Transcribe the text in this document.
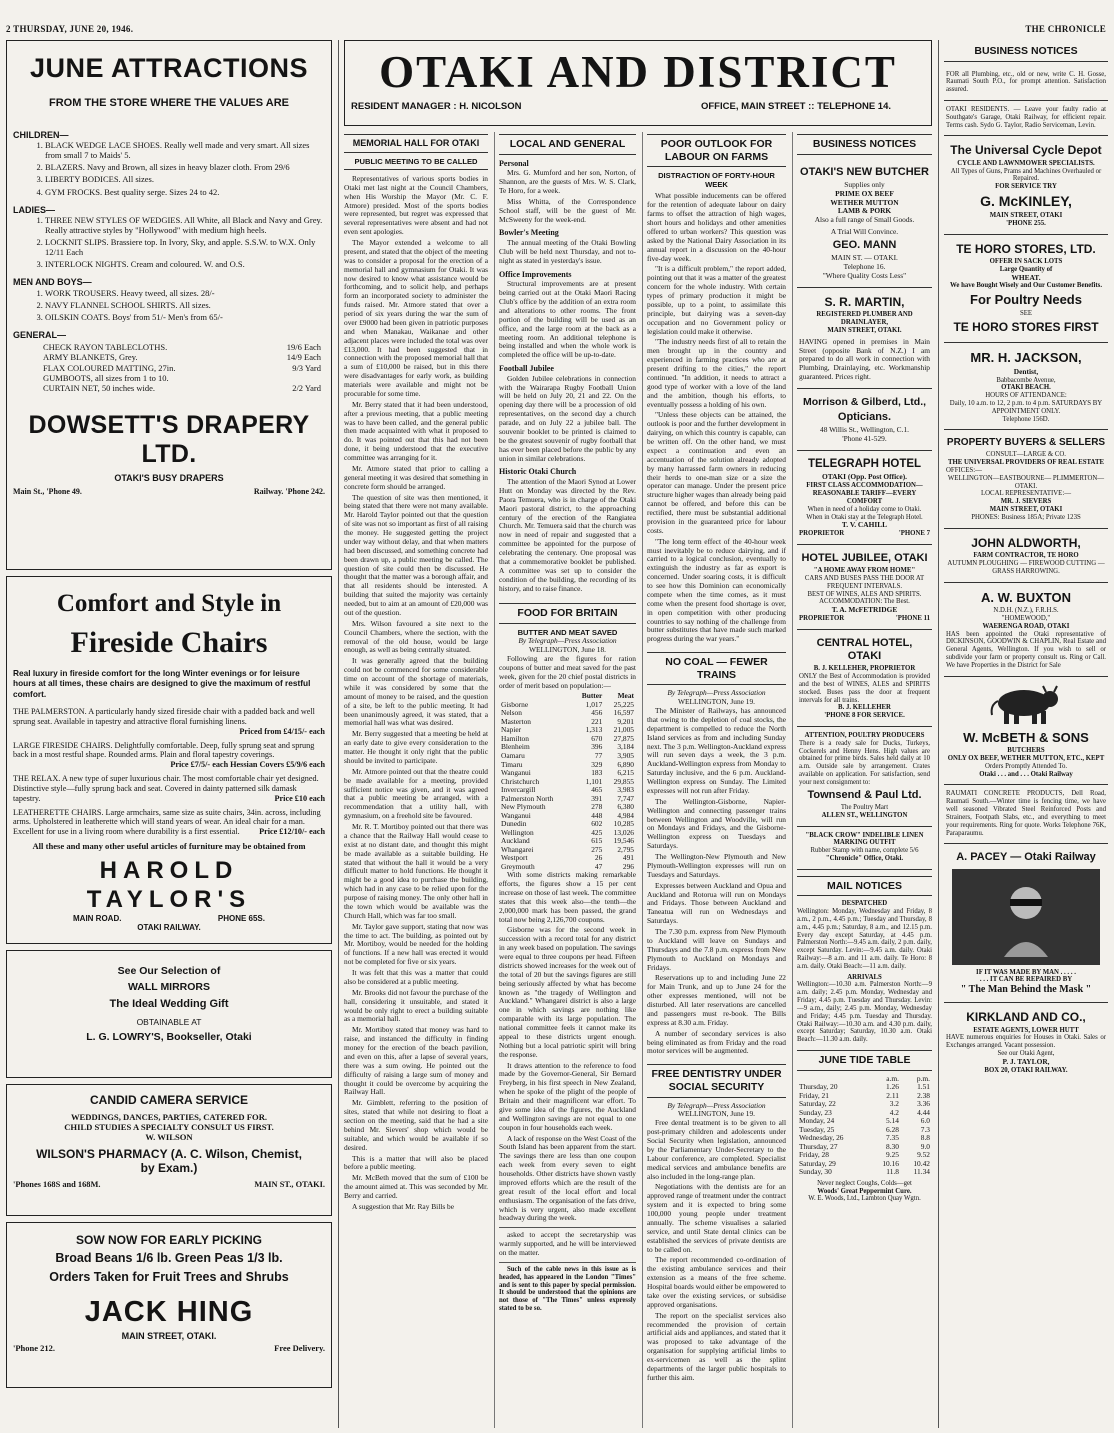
2 THURSDAY, JUNE 20, 1946.	THE CHRONICLE
JUNE ATTRACTIONS
FROM THE STORE WHERE THE VALUES ARE
CHILDREN—
1. BLACK WEDGE LACE SHOES. Really well made and very smart. All sizes from small 7 to Maids' 5.
2. BLAZERS. Navy and Brown, all sizes in heavy blazer cloth. From 29/6
3. LIBERTY BODICES. All sizes.
4. GYM FROCKS. Best quality serge. Sizes 24 to 42.
LADIES—
1. THREE NEW STYLES OF WEDGIES. All White, all Black and Navy and Grey. Really attractive styles by "Hollywood" with medium high heels.
2. LOCKNIT SLIPS. Brassiere top. In Ivory, Sky, and apple. S.S.W. to W.X. Only 12/11 Each
3. INTERLOCK NIGHTS. Cream and coloured. W. and O.S.
MEN AND BOYS—
1. WORK TROUSERS. Heavy tweed, all sizes. 28/-
2. NAVY FLANNEL SCHOOL SHIRTS. All sizes.
3. OILSKIN COATS. Boys' from 51/- Men's from 65/-
GENERAL—
CHECK RAYON TABLECLOTHS.	19/6 Each
ARMY BLANKETS, Grey.	14/9 Each
FLAX COLOURED MATTING, 27in.	9/3 Yard
GUMBOOTS, all sizes from 1 to 10.
CURTAIN NET, 50 inches wide.	2/2 Yard
DOWSETT'S DRAPERY LTD.
OTAKI'S BUSY DRAPERS
Main St., 'Phone 49.	Railway. 'Phone 242.
Comfort and Style in
Fireside Chairs
Real luxury in fireside comfort for the long Winter evenings or for leisure hours at all times, these chairs are designed to give the maximum of restful comfort.
THE PALMERSTON. A particularly handy sized fireside chair with a padded back and well sprung seat. Available in tapestry and attractive floral furnishing linens.
Priced from £4/15/- each
LARGE FIRESIDE CHAIRS. Delightfully comfortable. Deep, fully sprung seat and sprung back in a most restful shape. Rounded arms. Plain and floral tapestry coverings.
Price £7/5/- each Hessian Covers £5/9/6 each
THE RELAX. A new type of super luxurious chair. The most comfortable chair yet designed. Distinctive style—fully sprung back and seat. Covered in dainty patterned silk damask tapestry.	Price £10 each
LEATHERETTE CHAIRS. Large armchairs, same size as suite chairs, 34in. across, including arms. Upholstered in leatherette which will stand years of wear. An ideal chair for a man. Excellent for use in a living room where durability is a first essential. Price £12/10/- each
All these and many other useful articles of furniture may be obtained from
HAROLD TAYLOR'S
MAIN ROAD.	PHONE 65S.
OTAKI RAILWAY.
See Our Selection of
WALL MIRRORS
The Ideal Wedding Gift
OBTAINABLE AT
L. G. LOWRY'S, Bookseller, Otaki
CANDID CAMERA SERVICE
WEDDINGS, DANCES, PARTIES, CATERED FOR.
CHILD STUDIES A SPECIALTY CONSULT US FIRST.
W. WILSON
WILSON'S PHARMACY (A. C. Wilson, Chemist, by Exam.)
'Phones 168S and 168M.	MAIN ST., OTAKI.
SOW NOW FOR EARLY PICKING
Broad Beans 1/6 lb. Green Peas 1/3 lb.
Orders Taken for Fruit Trees and Shrubs
JACK HING
MAIN STREET, OTAKI.
'Phone 212.	Free Delivery.
OTAKI AND DISTRICT
RESIDENT MANAGER : H. NICOLSON	OFFICE, MAIN STREET :: TELEPHONE 14.
MEMORIAL HALL FOR OTAKI
PUBLIC MEETING TO BE CALLED

Representatives of various sports bodies in Otaki met last night at the Council Chambers, when His Worship the Mayor (Mr. C. F. Atmore) presided. Most of the sports bodies were represented, but regret was expressed that several representatives were absent and had not even sent apologies.

The Mayor extended a welcome to all present, and stated that the object of the meeting was to consider a proposal for the erection of a memorial hall and gymnasium for Otaki. It was now desired to know what assistance would be forthcoming, and to solicit help, and perhaps form an incorporated society to administer the funds raised. Mr. Atmore stated that over a period of six years during the war the sum of over £9000 had been given in patriotic purposes and when Manakau, Waikanae and other adjacent places were included the total was over £13,000. It had been suggested that in connection with the proposed memorial hall that a sum of £10,000 be raised, but in this there were disadvantages for early work, as building materials were available and might not be procurable for some time.

Mr. Berry stated that it had been understood, after a previous meeting, that a public meeting was to have been called, and the general public then made acquainted with what it proposed to do. It was pointed out that this had not been done, it being understood that the executive committee was arranging for it.

Mr. Atmore stated that prior to calling a general meeting it was desired that something in concrete form should be arranged.

The question of site was then mentioned, it being stated that there were not many available. Mr. Harold Taylor pointed out that the question of site was not so important as first of all raising the money. He suggested getting the project under way without delay, and that when matters had been discussed, and something concrete had been drawn up, a public meeting be called. The question of site could then be discussed. He thought that the matter was a borough affair, and that all residents should be interested. A building that suited the majority was certainly needed, but to aim at an amount of £20,000 was out of the question.

Mrs. Wilson favoured a site next to the Council Chambers, where the section, with the removal of the old house, would be large enough, as well as being centrally situated.

It was generally agreed that the building could not be commenced for some considerable time on account of the shortage of materials, while it was considered by some that the amount of money to be raised, and the question of a site, be left to the public meeting. It had been unanimously agreed, it was stated, that a memorial hall was what was desired.

Mr. Berry suggested that a meeting be held at an early date to give every consideration to the matter. He thought it only right that the public should be invited to participate.

Mr. Atmore pointed out that the theatre could be made available for a meeting, provided sufficient notice was given, and it was agreed that a public meeting be arranged, with a recommendation that a utility hall, with gymnasium, on a freehold site be favoured.

Mr. R. T. Mortiboy pointed out that there was a chance that the Railway Hall would cease to exist at no distant date, and thought this might be made available as a suitable building. He stated that without the hall it would be a very difficult matter to hold functions. He thought it might be a good idea to purchase the building, which had in any case to be relied upon for the purpose of raising money. The only other hall in the town which would be available was the Church Hall, which was far too small.

Mr. Taylor gave support, stating that now was the time to act. The building, as pointed out by Mr. Mortiboy, would be needed for the holding of functions. If a new hall was erected it would not be completed for five or six years.

It was felt that this was a matter that could also be considered at a public meeting.

Mr. Brooks did not favour the purchase of the hall, considering it unsuitable, and stated it would be only right to erect a building suitable as a memorial hall.

Mr. Mortiboy stated that money was hard to raise, and instanced the difficulty in finding money for the erection of the beach pavilion, and even on this, after a lapse of several years, there was a sum owing. He pointed out the difficulty of raising a large sum of money and thought it could be overcome by acquiring the Railway Hall.

Mr. Gimblett, referring to the position of sites, stated that while not desiring to float a section on the meeting, said that he had a site behind Mr. Sievers' shop which would be suitable, and which would be available if so desired.

This is a matter that will also be placed before a public meeting.

Mr. McBeth moved that the sum of £100 be the amount aimed at. This was seconded by Mr. Berry and carried.

A suggestion that Mr. Ray Bills be

LOCAL AND GENERAL
Personal

Mrs. G. Mumford and her son, Norton, of Shannon, are the guests of Mrs. W. S. Clark, Te Horo, for a week.

Miss Whitta, of the Correspondence School staff, will be the guest of Mr. McSweeny for the week-end.

Bowler's Meeting

The annual meeting of the Otaki Bowling Club will be held next Thursday, and not to-night as stated in yesterday's issue.

Office Improvements

Structural improvements are at present being carried out at the Otaki Maori Racing Club's office by the addition of an extra room and alterations to other rooms. The front portion of the building will be used as an office, and the large room at the back as a meeting room. An additional telephone is being installed and when the whole work is completed the office will be up-to-date.

Football Jubilee

Golden Jubilee celebrations in connection with the Wairarapa Rugby Football Union will be held on July 20, 21 and 22. On the opening day there will be a procession of old representatives, on the second day a church parade, and on July 22 a jubilee ball. The souvenir booklet to be printed is claimed to be the greatest souvenir of rugby football that has ever been placed before the public by any union in similar celebrations.

Historic Otaki Church

The attention of the Maori Synod at Lower Hutt on Monday was directed by the Rev. Paora Temuera, who is in charge of the Otaki Maori pastoral district, to the approaching century of the erection of the Rangiatea Church. Mr. Temuera said that the church was now in need of repair and suggested that a committee be appointed for the purpose of celebrating the centenary. One proposal was that a commemorative booklet be published. A committee was set up to consider the condition of the building, the recording of its history, and to raise finance.

FOOD FOR BRITAIN
BUTTER AND MEAT SAVED
By Telegraph—Press Association
WELLINGTON, June 18.

Following are the figures for ration coupons of butter and meat saved for the past week, given for the 20 chief postal districts in order of merit based on population:—

	Butter	Meat
Gisborne	1,017	25,225
Nelson	456	16,597
Masterton	221	9,201
Napier	1,313	21,005
Hamilton	670	27,875
Blenheim	396	3,184
Oamaru	77	3,905
Timaru	329	6,890
Wanganui	183	6,215
Christchurch	1,101	29,855
Invercargill	465	3,983
Palmerston North	391	7,747
New Plymouth	278	6,380
Wanganui	448	4,984
Dunedin	602	10,285
Wellington	425	13,026
Auckland	615	19,546
Whangarei	275	2,795
Westport	26	491
Greymouth	47	296

With some districts making remarkable efforts, the figures show a 15 per cent increase on those of last week. The committee states that this week also—the tenth—the 2,000,000 mark has been passed, the grand total now being 2,126,700 coupons.

Gisborne was for the second week in succession with a record total for any district in any week based on population. The savings were equal to three coupons per head. Fifteen districts showed increases for the week out of the total of 20 but the savings figures are still being seriously affected by what has become known as "the tragedy of Wellington and Auckland." Whangarei district is also a large one in which savings are nothing like comparable with its large population. The national committee feels it cannot make its appeal to these districts urgent enough. Nothing but a local patriotic spirit will bring the response.

It draws attention to the reference to food made by the Governor-General, Sir Bernard Freyberg, in his first speech in New Zealand, when he spoke of the plight of the people of Britain and their magnificent war effort. To give some idea of the figures, the Auckland and Wellington savings are not equal to one coupon in four households each week.

A lack of response on the West Coast of the South Island has been apparent from the start. The savings there are less than one coupon each week from every seven to eight households. Other districts have shown vastly improved efforts which are the result of the great result of the local effort and local enthusiasm. The organisation of the fats drive, which is very urgent, also made excellent headway during the week.

asked to accept the secretaryship was warmly supported, and he will be interviewed on the matter.

Such of the cable news in this issue as is headed, has appeared in the London "Times" and is sent to this paper by special permission. It should be understood that the opinions are not those of "The Times" unless expressly stated to be so.

POOR OUTLOOK FOR LABOUR ON FARMS
DISTRACTION OF FORTY-HOUR WEEK

What possible inducements can be offered for the retention of adequate labour on dairy farms to offset the attraction of high wages, short hours and holidays and other amenities offered to urban workers? This question was asked by the National Dairy Association in its annual report in a discussion on the 40-hour five-day week.

"It is a difficult problem," the report added, pointing out that it was a matter of the greatest concern for the whole industry. With certain types of primary production it might be possible, up to a point, to assimilate this principle, but dairying was a seven-day occupation and no Government policy or legislation could make it otherwise.

"The industry needs first of all to retain the men brought up in the country and experienced in farming practices who are at present drifting to the cities," the report continued. "In addition, it needs to attract a good type of worker with a love of the land and the ambition, though his efforts, to eventually possess a holding of his own.

"Unless these objects can be attained, the outlook is poor and the further development in dairying, on which this country is capable, can be written off. On the other hand, we must expect a continuation and even an accentuation of the solution already adopted by many harrassed farm owners in reducing their herds to one-man size or a size the operator can manage. Under the present price structure higher wages than already being paid cannot be offered, and before this can be rectified, there must be substantial additional provision in the guaranteed price for labour costs.

"The long term effect of the 40-hour week must inevitably be to reduce dairying, and if carried to a logical conclusion, eventually to extinguish the industry as far as export is concerned. Under soaring costs, it is difficult to see how this Dominion can economically compete when the time comes, as it must come when the present food shortage is over, in open competition with other producing countries to say nothing of the challenge from butter substitutes that have made such marked progress during the war years."

NO COAL — FEWER TRAINS
By Telegraph—Press Association
WELLINGTON, June 19.

The Minister of Railways, has announced that owing to the depletion of coal stocks, the department is compelled to reduce the North Island services as from and including Sunday next. The 3 p.m. Wellington-Auckland express will run seven days a week, the 3 p.m. Auckland-Wellington express from Monday to Saturday inclusive, and the 6 p.m. Auckland-Wellington express on Sunday. The Limited expresses will not run after Friday.

The Wellington-Gisborne, Napier-Wellington and connecting passenger trains between Wellington and Woodville, will run on Mondays and Fridays, and the Gisborne-Wellington express on Tuesdays and Saturdays.

The Wellington-New Plymouth and New Plymouth-Wellington expresses will run on Tuesdays and Saturdays.

Expresses between Auckland and Opua and Auckland and Rotorua will run on Mondays and Fridays. Those between Auckland and Taneatua will run on Wednesdays and Saturdays.

The 7.30 p.m. express from New Plymouth to Auckland will leave on Sundays and Thursdays and the 7.8 p.m. express from New Plymouth to Auckland on Mondays and Fridays.

Reservations up to and including June 22 for Main Trunk, and up to June 24 for the other expresses mentioned, will not be disturbed. All later reservations are cancelled and passengers must re-book. The Bills express at 8.30 a.m. Friday.

A number of secondary services is also being eliminated as from Friday and the road motor services will be augmented.

FREE DENTISTRY UNDER SOCIAL SECURITY
By Telegraph—Press Association
WELLINGTON, June 19.

Free dental treatment is to be given to all post-primary children and adolescents under Social Security when legislation, announced by the Parliamentary Under-Secretary to the Labour conference, are completed. Specialist medical services and ambulance benefits are also included in the long-range plan.

Negotiations with the dentists are for an approved range of treatment under the contract system and it is expected to bring some 100,000 young people under treatment annually. The scheme visualises a salaried service, and until State dental clinics can be established the services of private dentists are to be called on.

The report recommended co-ordination of the existing ambulance services and their extension as a means of the free scheme. Hospital boards would either be empowered to take over the existing services, or subsidise approved organisations.

The report on the specialist services also recommended the provision of certain artificial aids and appliances, and stated that it was proposed to take advantage of the organisation for supplying artificial limbs to ex-servicemen as well as the splint departments of the larger public hospitals to further this aim.

BUSINESS NOTICES
OTAKI'S NEW BUTCHER
Supplies only
PRIME OX BEEF
WETHER MUTTON
LAMB & PORK
Also a full range of Small Goods.
A Trial Will Convince.
GEO. MANN
MAIN ST. — OTAKI.
Telephone 16.
"Where Quality Costs Less"
S. R. MARTIN,
REGISTERED PLUMBER AND DRAINLAYER,
MAIN STREET, OTAKI.
HAVING opened in premises in Main Street (opposite Bank of N.Z.) I am prepared to do all work in connection with Plumbing, Drainlaying, etc. Workmanship guaranteed. Prices right.
Morrison & Gilberd, Ltd.,
Opticians.
48 Willis St., Wellington, C.1.
'Phone 41-529.
TELEGRAPH HOTEL
OTAKI (Opp. Post Office).
FIRST CLASS ACCOMMODATION— REASONABLE TARIFF—EVERY COMFORT
When in need of a holiday come to Otaki. When in Otaki stay at the Telegraph Hotel.
T. V. CAHILL
PROPRIETOR	'PHONE 7
HOTEL JUBILEE, OTAKI
"A HOME AWAY FROM HOME"
CARS AND BUSES PASS THE DOOR AT FREQUENT INTERVALS.
BEST OF WINES, ALES AND SPIRITS.
ACCOMMODATION: The Best.
T. A. McFETRIDGE
PROPRIETOR	'PHONE 11
CENTRAL HOTEL, OTAKI
B. J. KELLEHER, PROPRIETOR
ONLY the Best of Accommodation is provided and the best of WINES, ALES and SPIRITS stocked. Buses pass the door at frequent intervals for all trains.
B. J. KELLEHER
'PHONE 8 FOR SERVICE.
ATTENTION, POULTRY PRODUCERS
There is a ready sale for Ducks, Turkeys, Cockerels and Henny Hens. High values are obtained for prime birds. Sales held daily at 10 a.m. Outside sale by arrangement. Crates available on application. For satisfaction, send your next consignment to:
Townsend & Paul Ltd.
The Poultry Mart
ALLEN ST., WELLINGTON
"BLACK CROW" INDELIBLE LINEN MARKING OUTFIT
Rubber Stamp with name, complete 5/6
"Chronicle" Office, Otaki.
MAIL NOTICES
DESPATCHED
Wellington: Monday, Wednesday and Friday, 8 a.m., 2 p.m., 4.45 p.m.; Tuesday and Thursday, 8 a.m., 4.45 p.m.; Saturday, 8 a.m., and 12.15 p.m. Every day except Saturday, at 4.45 p.m. Palmerston North:—9.45 a.m. daily, 2 p.m. daily, except Saturday. Levin:—9.45 a.m. daily. Otaki Railway:—8 a.m. and 11 a.m. daily. Te Horo: 8 a.m. daily. Otaki Beach:—11 a.m. daily.
ARRIVALS
Wellington:—10.30 a.m. Palmerston North:—9 a.m. daily; 2.45 p.m. Monday, Wednesday and Friday; 4.45 p.m. Tuesday and Thursday. Levin:—9 a.m., daily; 2.45 p.m. Monday, Wednesday and Friday; 4.45 p.m. Tuesday and Thursday. Otaki Railway:—10.30 a.m. and 4.30 p.m. daily, except Saturday; Saturday, 10.30 a.m. Otaki Beach:—11.30 a.m. daily.
JUNE TIDE TABLE
	a.m.	p.m.
Thursday, 20	1.26	1.51
Friday, 21	2.11	2.38
Saturday, 22	3.2	3.36
Sunday, 23	4.2	4.44
Monday, 24	5.14	6.0
Tuesday, 25	6.28	7.3
Wednesday, 26	7.35	8.8
Thursday, 27	8.30	9.0
Friday, 28	9.25	9.52
Saturday, 29	10.16	10.42
Sunday, 30	11.8	11.34
Never neglect Coughs, Colds—get
Woods' Great Peppermint Cure.
W. E. Woods, Ltd., Lambton Quay Wgtn.
BUSINESS NOTICES
FOR all Plumbing, etc., old or new, write C. H. Gosse, Raumati South P.O., for prompt attention. Satisfaction assured.
OTAKI RESIDENTS. — Leave your faulty radio at Southgate's Garage, Otaki Railway, for efficient repair. Terms cash. Sydo G. Taylor, Radio Serviceman, Levin.
The Universal Cycle Depot
CYCLE AND LAWNMOWER SPECIALISTS.
All Types of Guns, Prams and Machines Overhauled or Repaired.
FOR SERVICE TRY
G. McKINLEY,
MAIN STREET, OTAKI
'PHONE 255.
TE HORO STORES, LTD.
OFFER IN SACK LOTS
Large Quantity of
WHEAT.
We have Bought Wisely and Our Customer Benefits.
For Poultry Needs
SEE
TE HORO STORES FIRST
MR. H. JACKSON,
Dentist,
Babbacombe Avenue,
OTAKI BEACH.
HOURS OF ATTENDANCE:
Daily, 10 a.m. to 12, 2 p.m. to 4 p.m. SATURDAYS BY APPOINTMENT ONLY.
Telephone 156D.
PROPERTY BUYERS & SELLERS
CONSULT—LARGE & CO.
THE UNIVERSAL PROVIDERS OF REAL ESTATE
OFFICES:—
WELLINGTON—EASTBOURNE— PLIMMERTON—OTAKI.
LOCAL REPRESENTATIVE:—
MR. J. SIEVERS
MAIN STREET, OTAKI
PHONES: Business 185A; Private 123S
JOHN ALDWORTH,
FARM CONTRACTOR, TE HORO
AUTUMN PLOUGHING — FIREWOOD CUTTING — GRASS HARROWING.
A. W. BUXTON
N.D.H. (N.Z.), F.R.H.S.
"HOMEWOOD,"
WAERENGA ROAD, OTAKI
HAS been appointed the Otaki representative of DICKINSON, GOODWIN & CHAPLIN, Real Estate and General Agents, Wellington. If you wish to sell or subdivide your farm or property consult us. Ring or Call. We have Properties in the District for Sale
W. McBETH & SONS
BUTCHERS
ONLY OX BEEF, WETHER MUTTON, ETC., KEPT
Orders Promptly Attended To.
Otaki . . . and . . . Otaki Railway
RAUMATI CONCRETE PRODUCTS, Dell Road, Raumati South.—Winter time is fencing time, we have well seasoned Vibrated Steel Reinforced Posts and Strainers, Footpath Slabs, etc., and everything to meet your requirements. Ring for quote. Works Telephone 76K, Paraparaumu.
A. PACEY — Otaki Railway
IF IT WAS MADE BY MAN . . . . .
. . . IT CAN BE REPAIRED BY
" The Man Behind the Mask "
KIRKLAND AND CO.,
ESTATE AGENTS, LOWER HUTT
HAVE numerous enquiries for Houses in Otaki. Sales or Exchanges arranged. Vacant possession.
See our Otaki Agent,
P. J. TAYLOR,
BOX 20, OTAKI RAILWAY.
